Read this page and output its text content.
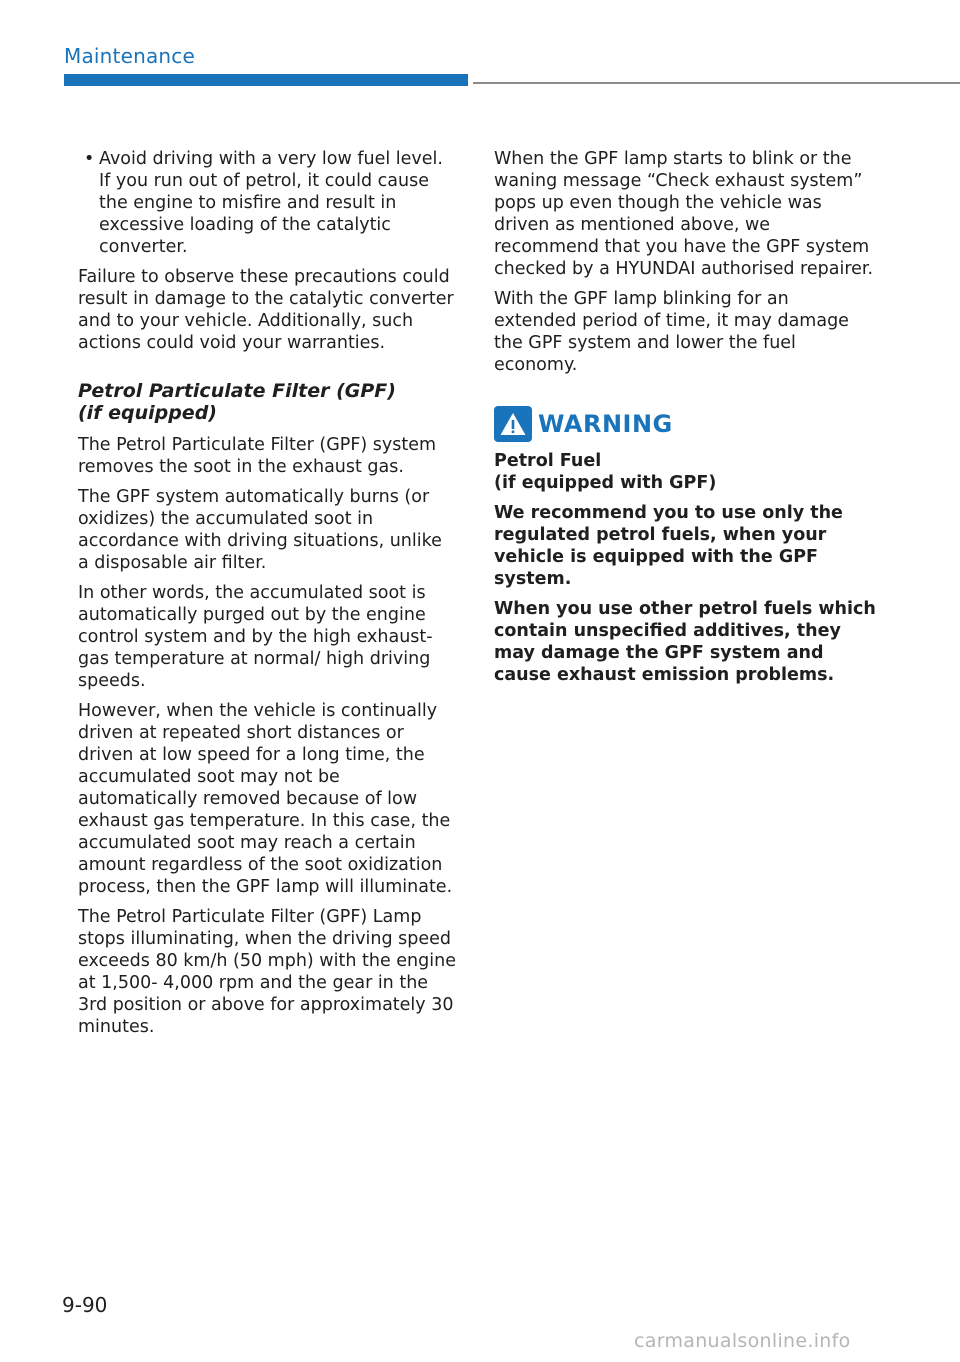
Maintenance
• Avoid driving with a very low fuel level. If you run out of petrol, it could cause the engine to misfire and result in excessive loading of the catalytic converter.

Failure to observe these precautions could result in damage to the catalytic converter and to your vehicle. Additionally, such actions could void your warranties.

Petrol Particulate Filter (GPF)
(if equipped)

The Petrol Particulate Filter (GPF) system removes the soot in the exhaust gas.

The GPF system automatically burns (or oxidizes) the accumulated soot in accordance with driving situations, unlike a disposable air filter.

In other words, the accumulated soot is automatically purged out by the engine control system and by the high exhaust-gas temperature at normal/ high driving speeds.

However, when the vehicle is continually driven at repeated short distances or driven at low speed for a long time, the accumulated soot may not be automatically removed because of low exhaust gas temperature. In this case, the accumulated soot may reach a certain amount regardless of the soot oxidization process, then the GPF lamp will illuminate.

The Petrol Particulate Filter (GPF) Lamp stops illuminating, when the driving speed exceeds 80 km/h (50 mph) with the engine at 1,500- 4,000 rpm and the gear in the 3rd position or above for approximately 30 minutes.

When the GPF lamp starts to blink or the waning message “Check exhaust system” pops up even though the vehicle was driven as mentioned above, we recommend that you have the GPF system checked by a HYUNDAI authorised repairer.

With the GPF lamp blinking for an extended period of time, it may damage the GPF system and lower the fuel economy.

WARNING
Petrol Fuel
(if equipped with GPF)

We recommend you to use only the regulated petrol fuels, when your vehicle is equipped with the GPF system.

When you use other petrol fuels which contain unspecified additives, they may damage the GPF system and cause exhaust emission problems.

9-90
carmanualsonline.info
